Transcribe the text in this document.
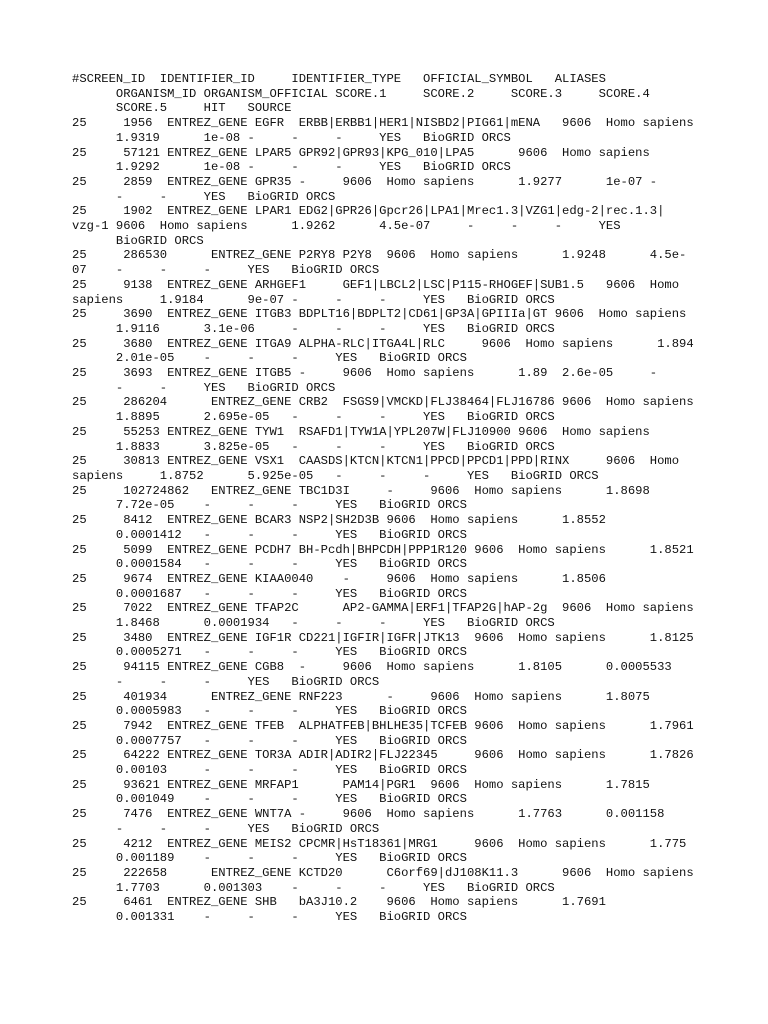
#SCREEN_ID  IDENTIFIER_ID     IDENTIFIER_TYPE   OFFICIAL_SYMBOL   ALIASES
ORGANISM_ID ORGANISM_OFFICIAL SCORE.1     SCORE.2     SCORE.3     SCORE.4
SCORE.5     HIT   SOURCE
25     1956  ENTREZ_GENE EGFR  ERBB|ERBB1|HER1|NISBD2|PIG61|mENA   9606  Homo sapiens
1.9319      1e-08 -     -     -     YES   BioGRID ORCS
25     57121 ENTREZ_GENE LPAR5 GPR92|GPR93|KPG_010|LPA5      9606  Homo sapiens
1.9292      1e-08 -     -     -     YES   BioGRID ORCS
25     2859  ENTREZ_GENE GPR35 -     9606  Homo sapiens      1.9277      1e-07 -
-     -     YES   BioGRID ORCS
25     1902  ENTREZ_GENE LPAR1 EDG2|GPR26|Gpcr26|LPA1|Mrec1.3|VZG1|edg-2|rec.1.3|
vzg-1 9606  Homo sapiens      1.9262      4.5e-07     -     -     -     YES
BioGRID ORCS
25     286530      ENTREZ_GENE P2RY8 P2Y8  9606  Homo sapiens      1.9248      4.5e-
07    -     -     -     YES   BioGRID ORCS
25     9138  ENTREZ_GENE ARHGEF1     GEF1|LBCL2|LSC|P115-RHOGEF|SUB1.5   9606  Homo
sapiens     1.9184      9e-07 -     -     -     YES   BioGRID ORCS
25     3690  ENTREZ_GENE ITGB3 BDPLT16|BDPLT2|CD61|GP3A|GPIIIa|GT 9606  Homo sapiens
1.9116      3.1e-06     -     -     -     YES   BioGRID ORCS
25     3680  ENTREZ_GENE ITGA9 ALPHA-RLC|ITGA4L|RLC     9606  Homo sapiens      1.894
2.01e-05    -     -     -     YES   BioGRID ORCS
25     3693  ENTREZ_GENE ITGB5 -     9606  Homo sapiens      1.89  2.6e-05     -
-     -     YES   BioGRID ORCS
25     286204      ENTREZ_GENE CRB2  FSGS9|VMCKD|FLJ38464|FLJ16786 9606  Homo sapiens
1.8895      2.695e-05   -     -     -     YES   BioGRID ORCS
25     55253 ENTREZ_GENE TYW1  RSAFD1|TYW1A|YPL207W|FLJ10900 9606  Homo sapiens
1.8833      3.825e-05   -     -     -     YES   BioGRID ORCS
25     30813 ENTREZ_GENE VSX1  CAASDS|KTCN|KTCN1|PPCD|PPCD1|PPD|RINX     9606  Homo
sapiens     1.8752      5.925e-05   -     -     -     YES   BioGRID ORCS
25     102724862   ENTREZ_GENE TBC1D3I     -     9606  Homo sapiens      1.8698
7.72e-05    -     -     -     YES   BioGRID ORCS
25     8412  ENTREZ_GENE BCAR3 NSP2|SH2D3B 9606  Homo sapiens      1.8552
0.0001412   -     -     -     YES   BioGRID ORCS
25     5099  ENTREZ_GENE PCDH7 BH-Pcdh|BHPCDH|PPP1R120 9606  Homo sapiens      1.8521
0.0001584   -     -     -     YES   BioGRID ORCS
25     9674  ENTREZ_GENE KIAA0040    -     9606  Homo sapiens      1.8506
0.0001687   -     -     -     YES   BioGRID ORCS
25     7022  ENTREZ_GENE TFAP2C      AP2-GAMMA|ERF1|TFAP2G|hAP-2g  9606  Homo sapiens
1.8468      0.0001934   -     -     -     YES   BioGRID ORCS
25     3480  ENTREZ_GENE IGF1R CD221|IGFIR|IGFR|JTK13  9606  Homo sapiens      1.8125
0.0005271   -     -     -     YES   BioGRID ORCS
25     94115 ENTREZ_GENE CGB8  -     9606  Homo sapiens      1.8105      0.0005533
-     -     -     YES   BioGRID ORCS
25     401934      ENTREZ_GENE RNF223      -     9606  Homo sapiens      1.8075
0.0005983   -     -     -     YES   BioGRID ORCS
25     7942  ENTREZ_GENE TFEB  ALPHATFEB|BHLHE35|TCFEB 9606  Homo sapiens      1.7961
0.0007757   -     -     -     YES   BioGRID ORCS
25     64222 ENTREZ_GENE TOR3A ADIR|ADIR2|FLJ22345     9606  Homo sapiens      1.7826
0.00103     -     -     -     YES   BioGRID ORCS
25     93621 ENTREZ_GENE MRFAP1      PAM14|PGR1  9606  Homo sapiens      1.7815
0.001049    -     -     -     YES   BioGRID ORCS
25     7476  ENTREZ_GENE WNT7A -     9606  Homo sapiens      1.7763      0.001158
-     -     -     YES   BioGRID ORCS
25     4212  ENTREZ_GENE MEIS2 CPCMR|HsT18361|MRG1     9606  Homo sapiens      1.775
0.001189    -     -     -     YES   BioGRID ORCS
25     222658      ENTREZ_GENE KCTD20      C6orf69|dJ108K11.3      9606  Homo sapiens
1.7703      0.001303    -     -     -     YES   BioGRID ORCS
25     6461  ENTREZ_GENE SHB   bA3J10.2    9606  Homo sapiens      1.7691
0.001331    -     -     -     YES   BioGRID ORCS
